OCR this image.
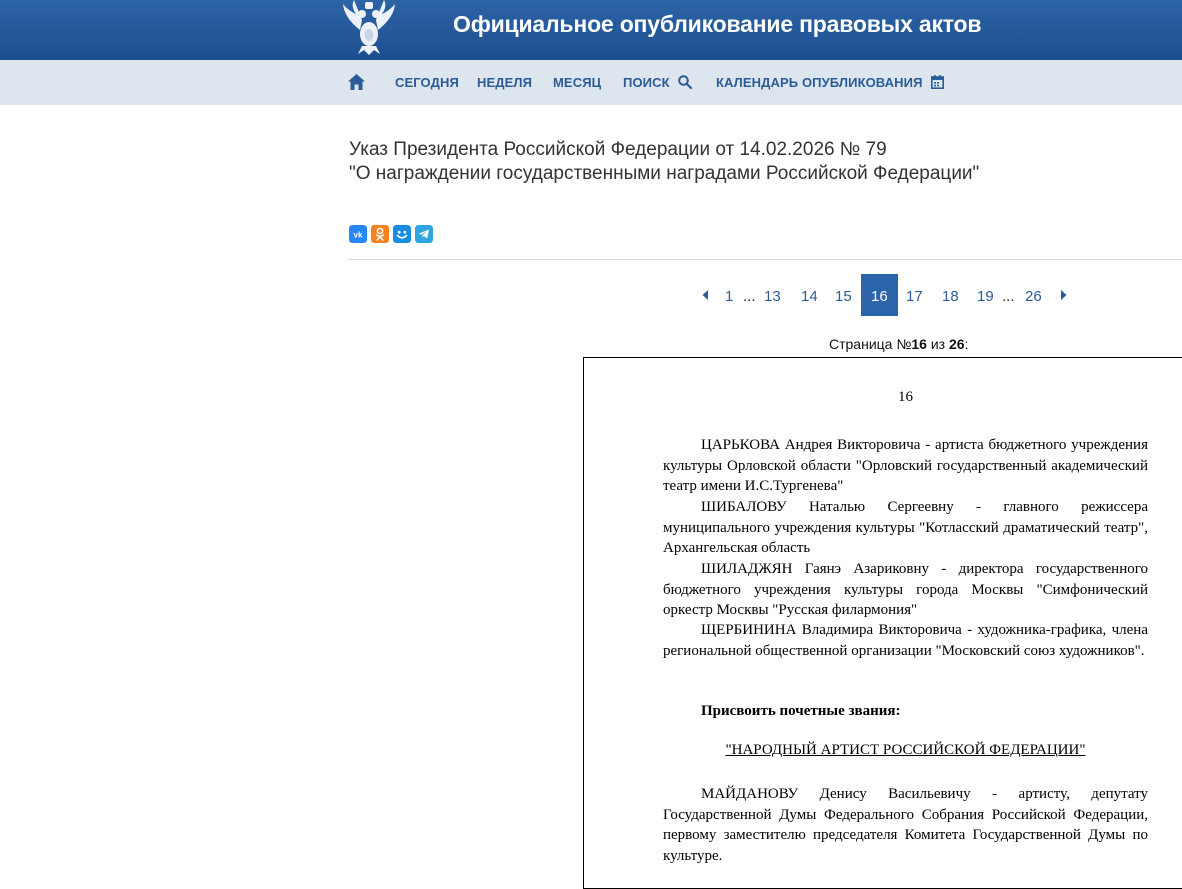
Официальное опубликование правовых актов
СЕГОДНЯ НЕДЕЛЯ МЕСЯЦ ПОИСК	КАЛЕНДАРЬ ОПУБЛИКОВАНИЯ
Указ Президента Российской Федерации от 14.02.2026 № 79
"О награждении государственными наградами Российской Федерации"
vk
1 ... 13 14 15 16 17 18 19 ... 26
Страница №16 из 26:
16
ЦАРЬКОВА Андрея Викторовича - артиста бюджетного учреждения культуры Орловской области "Орловский государственный академический театр имени И.С.Тургенева"
ШИБАЛОВУ Наталью Сергеевну - главного режиссера муниципального учреждения культуры "Котласский драматический театр", Архангельская область
ШИЛАДЖЯН Гаянэ Азариковну - директора государственного бюджетного учреждения культуры города Москвы "Симфонический оркестр Москвы "Русская филармония"
ЩЕРБИНИНА Владимира Викторовича - художника-графика, члена региональной общественной организации "Московский союз художников".
Присвоить почетные звания:
"НАРОДНЫЙ АРТИСТ РОССИЙСКОЙ ФЕДЕРАЦИИ"
МАЙДАНОВУ Денису Васильевичу - артисту, депутату Государственной Думы Федерального Собрания Российской Федерации, первому заместителю председателя Комитета Государственной Думы по культуре.
